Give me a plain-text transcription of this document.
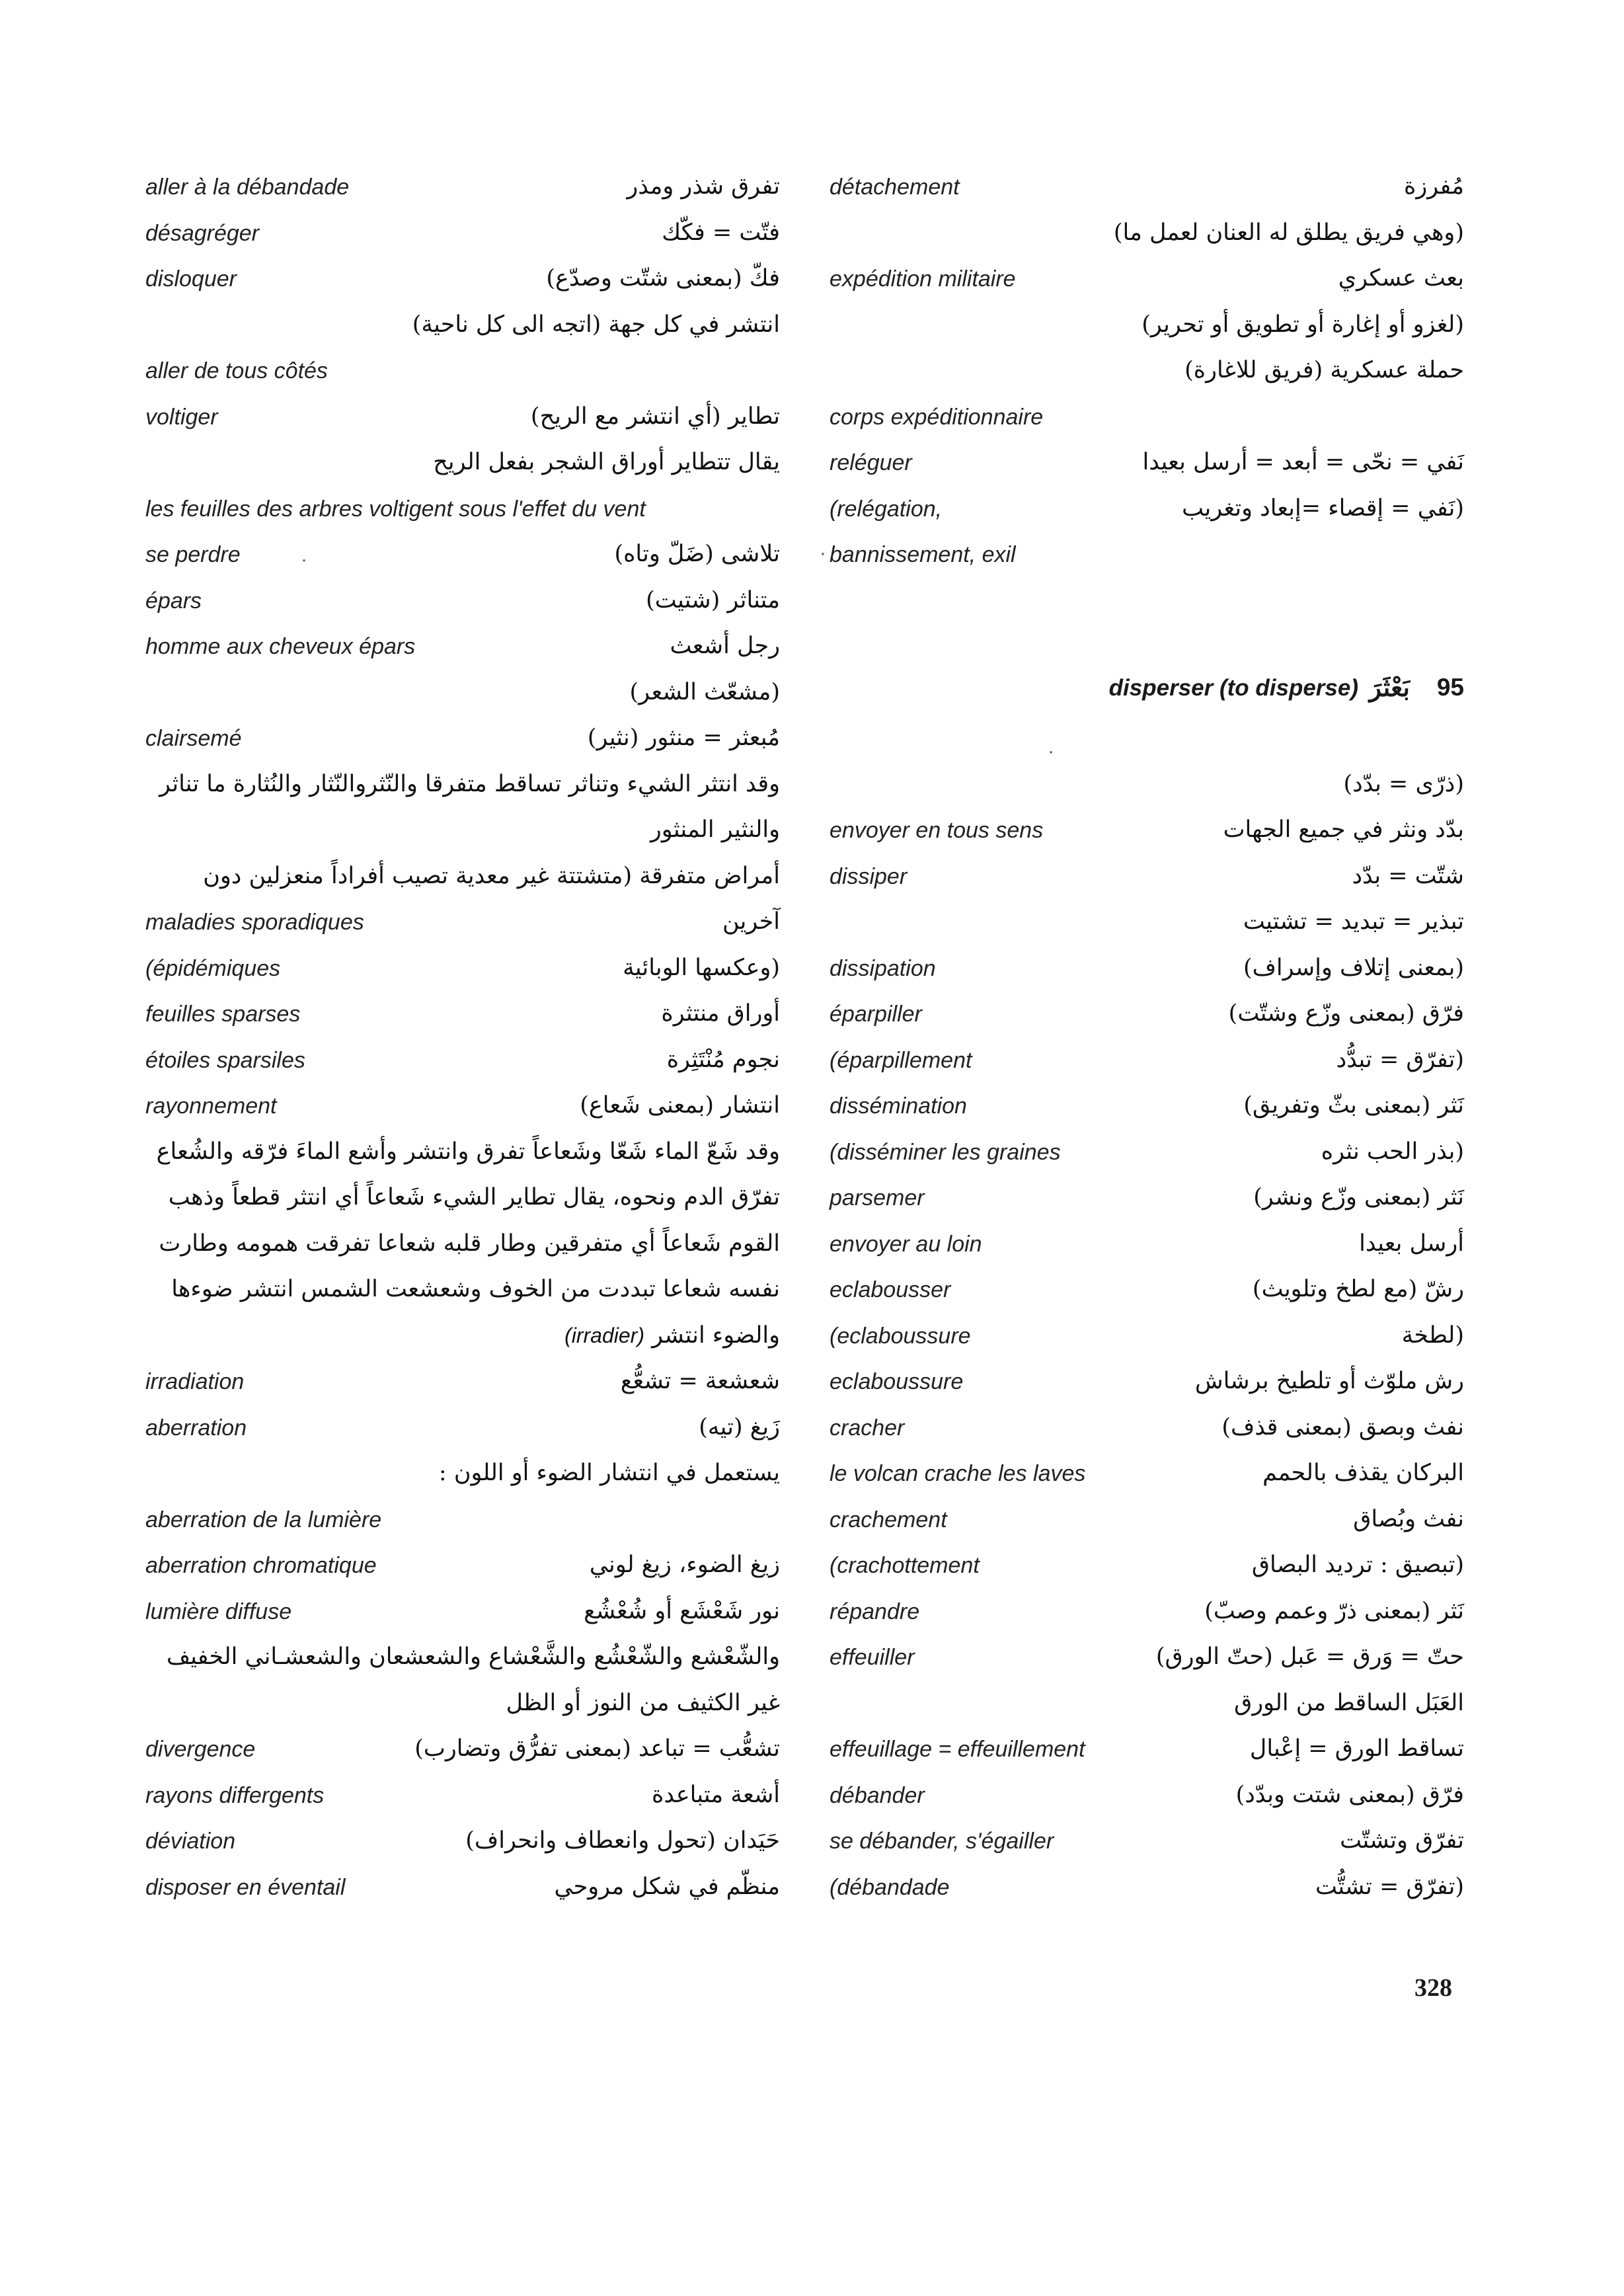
aller à la débandade	تفرق شذر ومذر
désagréger	فتّت = فكّك
disloquer	فكّ (بمعنى شتّت وصدّع)
انتشر في كل جهة (اتجه الى كل ناحية)
aller de tous côtés
voltiger	تطاير (أي انتشر مع الريح)
يقال تتطاير أوراق الشجر بفعل الريح
les feuilles des arbres voltigent sous l'effet du vent
se perdre	تلاشى (ضَلّ وتاه)
épars	متناثر (شتيت)
homme aux cheveux épars	رجل أشعث
(مشعّث الشعر)
clairsemé	مُبعثر = منثور (نثير)
وقد انتثر الشيء وتناثر تساقط متفرقا والنّثروالنّثار والنُثارة ما تناثر
والنثير المنثور
أمراض متفرقة (متشتتة غير معدية تصيب أفراداً منعزلين دون
maladies sporadiques	آخرين
(épidémiques	(وعكسها الوبائية
feuilles sparses	أوراق منتثرة
étoiles sparsiles	نجوم مُنْتَثِرة
rayonnement	انتشار (بمعنى شَعاع)
وقد شَعّ الماء شَعّا وشَعاعاً تفرق وانتشر وأشع الماءَ فرّقه والشُعاع
تفرّق الدم ونحوه، يقال تطاير الشيء شَعاعاً أي انتثر قطعاً وذهب
القوم شَعاعاً أي متفرقين وطار قلبه شعاعا تفرقت همومه وطارت
نفسه شعاعا تبددت من الخوف وشعشعت الشمس انتشر ضوءها
والضوء انتشر (irradier)
irradiation	شعشعة = تشعُّع
aberration	زَيغ (تيه)
يستعمل في انتشار الضوء أو اللون :
aberration de la lumière
aberration chromatique	زيغ الضوء، زيغ لوني
lumière diffuse	نور شَعْشَع أو شُعْشُع
والشّعْشع والشّعْشُع والشَّعْشاع والشعشعان والشعشـاني الخفيف
غير الكثيف من النوز أو الظل
divergence	تشعُّب = تباعد (بمعنى تفرُّق وتضارب)
rayons differgents	أشعة متباعدة
déviation	حَيَدان (تحول وانعطاف وانحراف)
disposer en éventail	منظّم في شكل مروحي
détachement	مُفرزة
(وهي فريق يطلق له العنان لعمل ما)
expédition militaire	بعث عسكري
(لغزو أو إغارة أو تطويق أو تحرير)
حملة عسكرية (فريق للاغارة)
corps expéditionnaire
reléguer	نَفي = نحّى = أبعد = أرسل بعيدا
(relégation,	(نَفي = إقصاء =إبعاد وتغريب
bannissement, exil
95
بَعْثَرَ
disperser (to disperse)
(ذرّى = بدّد)
envoyer en tous sens	بدّد ونثر في جميع الجهات
dissiper	شتّت = بدّد
تبذير = تبديد = تشتيت
dissipation	(بمعنى إتلاف وإسراف)
éparpiller	فرّق (بمعنى وزّع وشتّت)
(éparpillement	(تفرّق = تبدُّد
dissémination	نَثر (بمعنى بثّ وتفريق)
(disséminer les graines	(بذر الحب نثره
parsemer	نَثر (بمعنى وزّع ونشر)
envoyer au loin	أرسل بعيدا
eclabousser	رشّ (مع لطخ وتلويث)
(eclaboussure	(لطخة
eclaboussure	رش ملوّث أو تلطيخ برشاش
cracher	نفث وبصق (بمعنى قذف)
le volcan crache les laves	البركان يقذف بالحمم
crachement	نفث وبُصاق
(crachottement	(تبصيق : ترديد البصاق
répandre	نَثر (بمعنى ذرّ وعمم وصبّ)
effeuiller	حتّ = وَرق = عَبل (حتّ الورق)
العَبَل الساقط من الورق
effeuillage = effeuillement	تساقط الورق = إعْبال
débander	فرّق (بمعنى شتت وبدّد)
se débander, s'égailler	تفرّق وتشتّت
(débandade	(تفرّق = تشتُّت
·	·
·
328
